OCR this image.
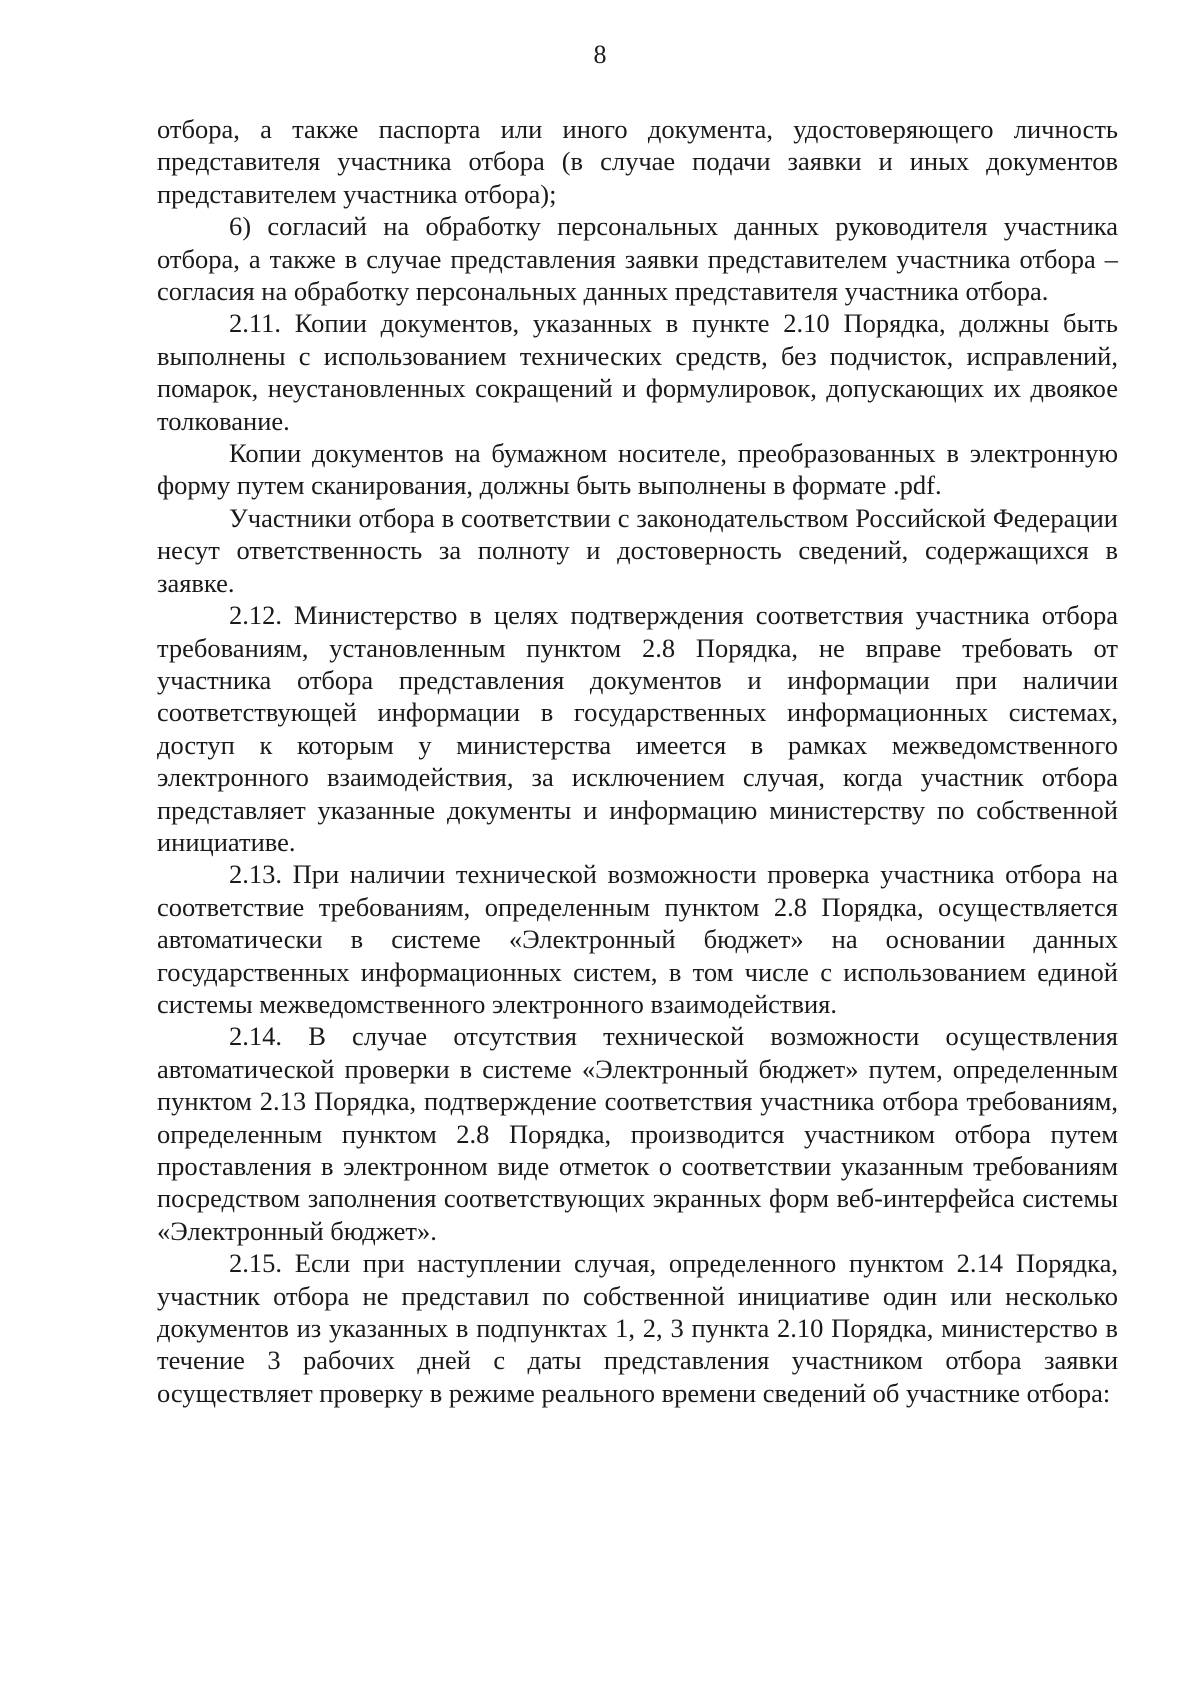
8

отбора, а также паспорта или иного документа, удостоверяющего личность представителя участника отбора (в случае подачи заявки и иных документов представителем участника отбора);

6) согласий на обработку персональных данных руководителя участника отбора, а также в случае представления заявки представителем участника отбора – согласия на обработку персональных данных представителя участника отбора.

2.11. Копии документов, указанных в пункте 2.10 Порядка, должны быть выполнены с использованием технических средств, без подчисток, исправлений, помарок, неустановленных сокращений и формулировок, допускающих их двоякое толкование.

Копии документов на бумажном носителе, преобразованных в электронную форму путем сканирования, должны быть выполнены в формате .pdf.

Участники отбора в соответствии с законодательством Российской Федерации несут ответственность за полноту и достоверность сведений, содержащихся в заявке.

2.12. Министерство в целях подтверждения соответствия участника отбора требованиям, установленным пунктом 2.8 Порядка, не вправе требовать от участника отбора представления документов и информации при наличии соответствующей информации в государственных информационных системах, доступ к которым у министерства имеется в рамках межведомственного электронного взаимодействия, за исключением случая, когда участник отбора представляет указанные документы и информацию министерству по собственной инициативе.

2.13. При наличии технической возможности проверка участника отбора на соответствие требованиям, определенным пунктом 2.8 Порядка, осуществляется автоматически в системе «Электронный бюджет» на основании данных государственных информационных систем, в том числе с использованием единой системы межведомственного электронного взаимодействия.

2.14. В случае отсутствия технической возможности осуществления автоматической проверки в системе «Электронный бюджет» путем, определенным пунктом 2.13 Порядка, подтверждение соответствия участника отбора требованиям, определенным пунктом 2.8 Порядка, производится участником отбора путем проставления в электронном виде отметок о соответствии указанным требованиям посредством заполнения соответствующих экранных форм веб-интерфейса системы «Электронный бюджет».

2.15. Если при наступлении случая, определенного пунктом 2.14 Порядка, участник отбора не представил по собственной инициативе один или несколько документов из указанных в подпунктах 1, 2, 3 пункта 2.10 Порядка, министерство в течение 3 рабочих дней с даты представления участником отбора заявки осуществляет проверку в режиме реального времени сведений об участнике отбора:
